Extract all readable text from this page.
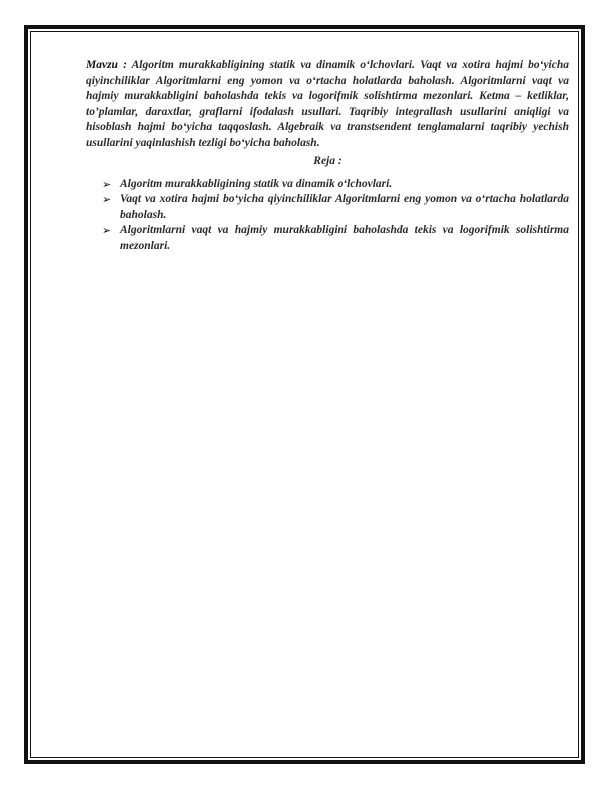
Mavzu : Algoritm murakkabligining statik va dinamik o‘lchovlari. Vaqt va xotira hajmi bo‘yicha qiyinchiliklar Algoritmlarni eng yomon va o‘rtacha holatlarda baholash. Algoritmlarni vaqt va hajmiy murakkabligini baholashda tekis va logorifmik solishtirma mezonlari. Ketma – ketliklar, to’plamlar, daraxtlar, graflarni ifodalash usullari. Taqribiy integrallash usullarini aniqligi va hisoblash hajmi bo‘yicha taqqoslash. Algebraik va transtsendent tenglamalarni taqribiy yechish usullarini yaqinlashish tezligi bo‘yicha baholash.

Reja :
➢ Algoritm murakkabligining statik va dinamik o‘lchovlari.
➢ Vaqt va xotira hajmi bo‘yicha qiyinchiliklar Algoritmlarni eng yomon va o‘rtacha holatlarda baholash.
➢ Algoritmlarni vaqt va hajmiy murakkabligini baholashda tekis va logorifmik solishtirma mezonlari.
